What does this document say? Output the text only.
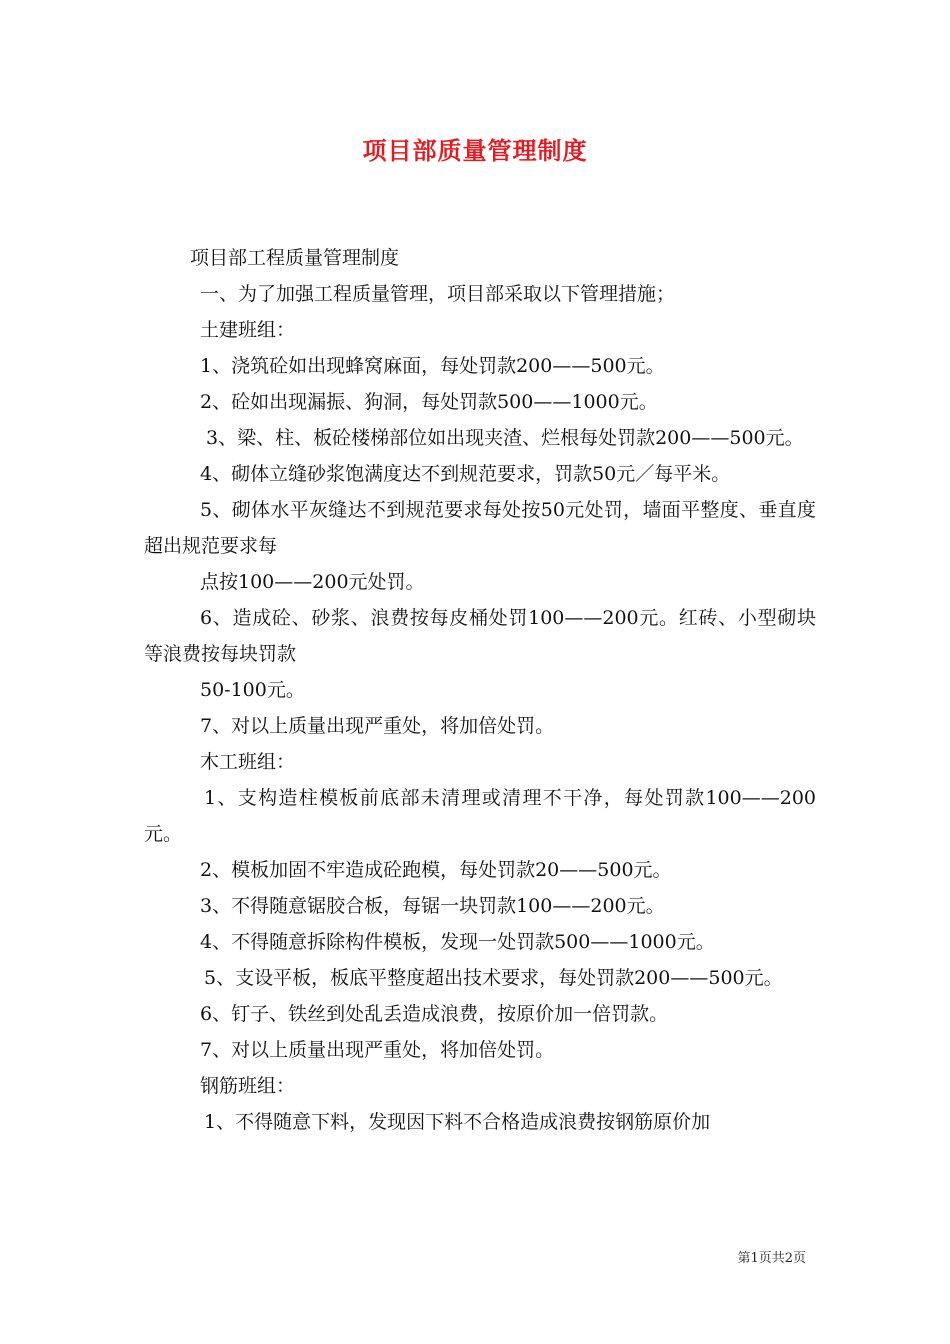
项目部质量管理制度

项目部工程质量管理制度

一、为了加强工程质量管理，项目部采取以下管理措施；

土建班组：

1、浇筑砼如出现蜂窝麻面，每处罚款200——500元。

2、砼如出现漏振、狗洞，每处罚款500——1000元。

3、梁、柱、板砼楼梯部位如出现夹渣、烂根每处罚款200——500元。

4、砌体立缝砂浆饱满度达不到规范要求，罚款50元／每平米。

5、砌体水平灰缝达不到规范要求每处按50元处罚，墙面平整度、垂直度超出规范要求每

点按100——200元处罚。

6、造成砼、砂浆、浪费按每皮桶处罚100——200元。红砖、小型砌块等浪费按每块罚款

50-100元。

7、对以上质量出现严重处，将加倍处罚。

木工班组：

1、支构造柱模板前底部未清理或清理不干净，每处罚款100——200元。

2、模板加固不牢造成砼跑模，每处罚款20——500元。

3、不得随意锯胶合板，每锯一块罚款100——200元。

4、不得随意拆除构件模板，发现一处罚款500——1000元。

5、支设平板，板底平整度超出技术要求，每处罚款200——500元。

6、钉子、铁丝到处乱丢造成浪费，按原价加一倍罚款。

7、对以上质量出现严重处，将加倍处罚。

钢筋班组：

1、不得随意下料，发现因下料不合格造成浪费按钢筋原价加

第1页共2页
